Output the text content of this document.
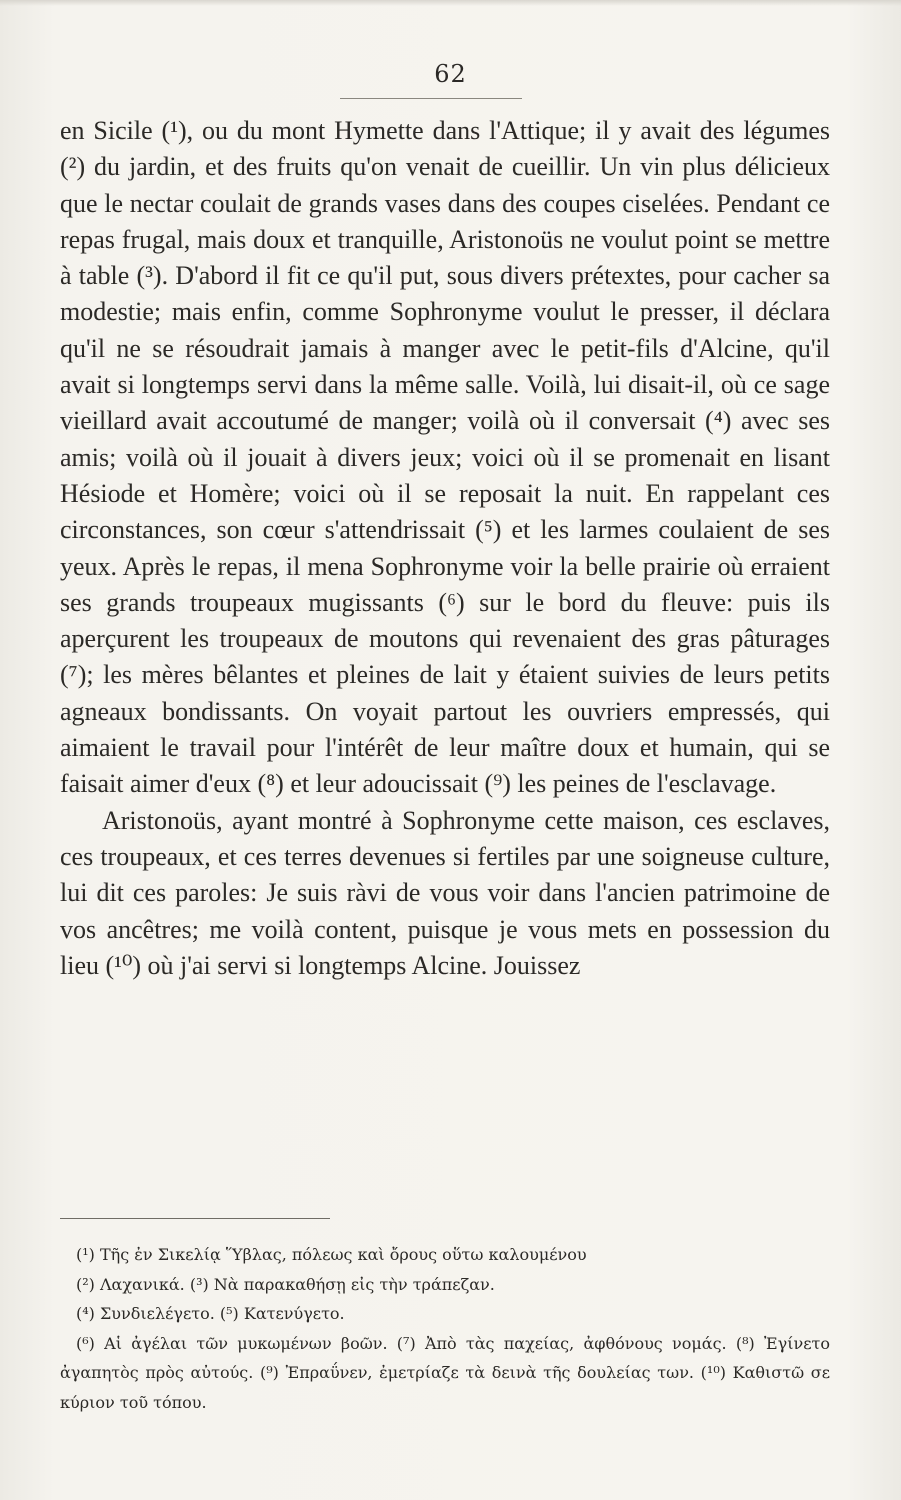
62

en Sicile (¹), ou du mont Hymette dans l'Attique; il y avait des légumes (²) du jardin, et des fruits qu'on venait de cueillir. Un vin plus délicieux que le nectar coulait de grands vases dans des coupes ciselées. Pendant ce repas frugal, mais doux et tranquille, Aristonoüs ne voulut point se mettre à table (³). D'abord il fit ce qu'il put, sous divers prétextes, pour cacher sa modestie; mais enfin, comme Sophronyme voulut le presser, il déclara qu'il ne se résoudrait jamais à manger avec le petit-fils d'Alcine, qu'il avait si longtemps servi dans la même salle. Voilà, lui disait-il, où ce sage vieillard avait accoutumé de manger; voilà où il conversait (⁴) avec ses amis; voilà où il jouait à divers jeux; voici où il se promenait en lisant Hésiode et Homère; voici où il se reposait la nuit. En rappelant ces circonstances, son cœur s'attendrissait (⁵) et les larmes coulaient de ses yeux. Après le repas, il mena Sophronyme voir la belle prairie où erraient ses grands troupeaux mugissants (⁶) sur le bord du fleuve: puis ils aperçurent les troupeaux de moutons qui revenaient des gras pâturages (⁷); les mères bêlantes et pleines de lait y étaient suivies de leurs petits agneaux bondissants. On voyait partout les ouvriers empressés, qui aimaient le travail pour l'intérêt de leur maître doux et humain, qui se faisait aimer d'eux (⁸) et leur adoucissait (⁹) les peines de l'esclavage.

Aristonoüs, ayant montré à Sophronyme cette maison, ces esclaves, ces troupeaux, et ces terres devenues si fertiles par une soigneuse culture, lui dit ces paroles: Je suis ràvi de vous voir dans l'ancien patrimoine de vos ancêtres; me voilà content, puisque je vous mets en possession du lieu (¹⁰) où j'ai servi si longtemps Alcine. Jouissez

(¹) Τῆς ἐν Σικελίᾳ Ὕβλας, πόλεως καὶ ὄρους οὕτω καλουμένου

(²) Λαχανικά. (³) Νὰ παρακαθήσῃ εἰς τὴν τράπεζαν.

(⁴) Συνδιελέγετο. (⁵) Κατενύγετο.

(⁶) Αἱ ἀγέλαι τῶν μυκωμένων βοῶν. (⁷) Ἀπὸ τὰς παχείας, ἀφθόνους νομάς. (⁸) Ἐγίνετο ἀγαπητὸς πρὸς αὐτούς. (⁹) Ἐπραΰνεν, ἐμετρίαζε τὰ δεινὰ τῆς δουλείας των. (¹⁰) Καθιστῶ σε κύριον τοῦ τόπου.
